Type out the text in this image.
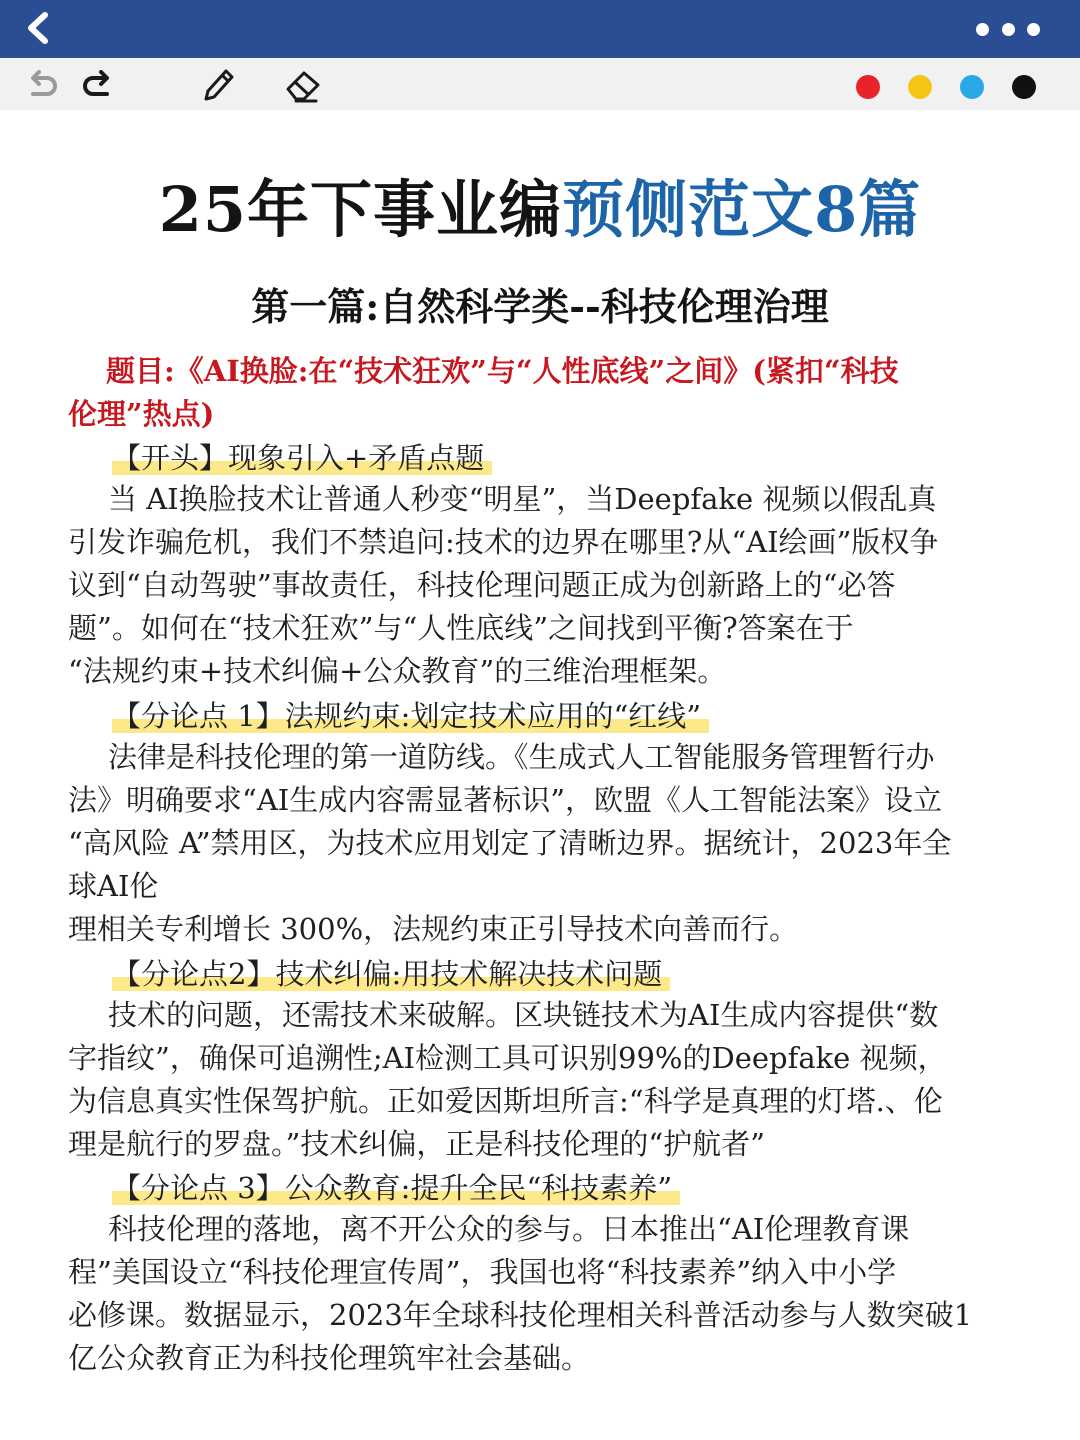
25年下事业编预侧范文8篇
第一篇:自然科学类--科技伦理治理
题目:《AI换脸:在“技术狂欢”与“人性底线”之间》(紧扣“科技
伦理”热点)
【开头】现象引入+矛盾点题
当 AI换脸技术让普通人秒变“明星”，当Deepfake 视频以假乱真
引发诈骗危机，我们不禁追问:技术的边界在哪里?从“AI绘画”版权争
议到“自动驾驶”事故责任，科技伦理问题正成为创新路上的“必答
题”。如何在“技术狂欢”与“人性底线”之间找到平衡?答案在于
“法规约束+技术纠偏+公众教育”的三维治理框架。
【分论点 1】法规约束:划定技术应用的“红线”
法律是科技伦理的第一道防线。《生成式人工智能服务管理暂行办
法》明确要求“AI生成内容需显著标识”，欧盟《人工智能法案》设立
“高风险 A”禁用区，为技术应用划定了清晰边界。据统计，2023年全
球AI伦
理相关专利增长 300%，法规约束正引导技术向善而行。
【分论点2】技术纠偏:用技术解决技术问题
技术的问题，还需技术来破解。区块链技术为AI生成内容提供“数
字指纹”，确保可追溯性;AI检测工具可识别99%的Deepfake 视频，
为信息真实性保驾护航。正如爱因斯坦所言:“科学是真理的灯塔.、伦
理是航行的罗盘。”技术纠偏，正是科技伦理的“护航者”
【分论点 3】公众教育:提升全民“科技素养”
科技伦理的落地，离不开公众的参与。日本推出“AI伦理教育课
程”美国设立“科技伦理宣传周”，我国也将“科技素养”纳入中小学
必修课。数据显示，2023年全球科技伦理相关科普活动参与人数突破1
亿公众教育正为科技伦理筑牢社会基础。
